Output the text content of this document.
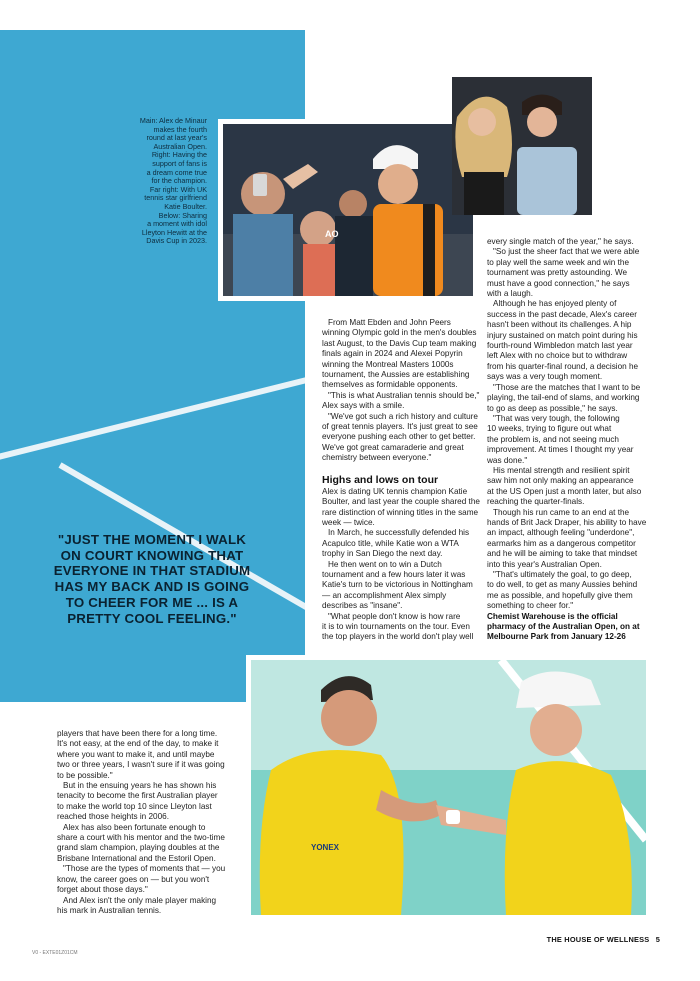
Main: Alex de Minaur
makes the fourth
round at last year's
Australian Open.
Right: Having the
support of fans is
a dream come true
for the champion.
Far right: With UK
tennis star girlfriend
Katie Boulter.
Below: Sharing
a moment with idol
Lleyton Hewitt at the
Davis Cup in 2023.
AO
"JUST THE MOMENT I WALK
ON COURT KNOWING THAT
EVERYONE IN THAT STADIUM
HAS MY BACK AND IS GOING
TO CHEER FOR ME ... IS A
PRETTY COOL FEELING."
From Matt Ebden and John Peers
winning Olympic gold in the men's doubles
last August, to the Davis Cup team making
finals again in 2024 and Alexei Popyrin
winning the Montreal Masters 1000s
tournament, the Aussies are establishing
themselves as formidable opponents.
"This is what Australian tennis should be,"
Alex says with a smile.
"We've got such a rich history and culture
of great tennis players. It's just great to see
everyone pushing each other to get better.
We've got great camaraderie and great
chemistry between everyone."
Highs and lows on tour
Alex is dating UK tennis champion Katie
Boulter, and last year the couple shared the
rare distinction of winning titles in the same
week — twice.
In March, he successfully defended his
Acapulco title, while Katie won a WTA
trophy in San Diego the next day.
He then went on to win a Dutch
tournament and a few hours later it was
Katie's turn to be victorious in Nottingham
— an accomplishment Alex simply
describes as "insane".
"What people don't know is how rare
it is to win tournaments on the tour. Even
the top players in the world don't play well
every single match of the year," he says.
"So just the sheer fact that we were able
to play well the same week and win the
tournament was pretty astounding. We
must have a good connection," he says
with a laugh.
Although he has enjoyed plenty of
success in the past decade, Alex's career
hasn't been without its challenges. A hip
injury sustained on match point during his
fourth-round Wimbledon match last year
left Alex with no choice but to withdraw
from his quarter-final round, a decision he
says was a very tough moment.
"Those are the matches that I want to be
playing, the tail-end of slams, and working
to go as deep as possible," he says.
"That was very tough, the following
10 weeks, trying to figure out what
the problem is, and not seeing much
improvement. At times I thought my year
was done."
His mental strength and resilient spirit
saw him not only making an appearance
at the US Open just a month later, but also
reaching the quarter-finals.
Though his run came to an end at the
hands of Brit Jack Draper, his ability to have
an impact, although feeling "underdone",
earmarks him as a dangerous competitor
and he will be aiming to take that mindset
into this year's Australian Open.
"That's ultimately the goal, to go deep,
to do well, to get as many Aussies behind
me as possible, and hopefully give them
something to cheer for."
Chemist Warehouse is the official
pharmacy of the Australian Open, on at
Melbourne Park from January 12-26
YONEX
players that have been there for a long time.
It's not easy, at the end of the day, to make it
where you want to make it, and until maybe
two or three years, I wasn't sure if it was going
to be possible."
But in the ensuing years he has shown his
tenacity to become the first Australian player
to make the world top 10 since Lleyton last
reached those heights in 2006.
Alex has also been fortunate enough to
share a court with his mentor and the two-time
grand slam champion, playing doubles at the
Brisbane International and the Estoril Open.
"Those are the types of moments that — you
know, the career goes on — but you won't
forget about those days."
And Alex isn't the only male player making
his mark in Australian tennis.
V0 - EXTE01Z01CM
THE HOUSE OF WELLNESS 5
